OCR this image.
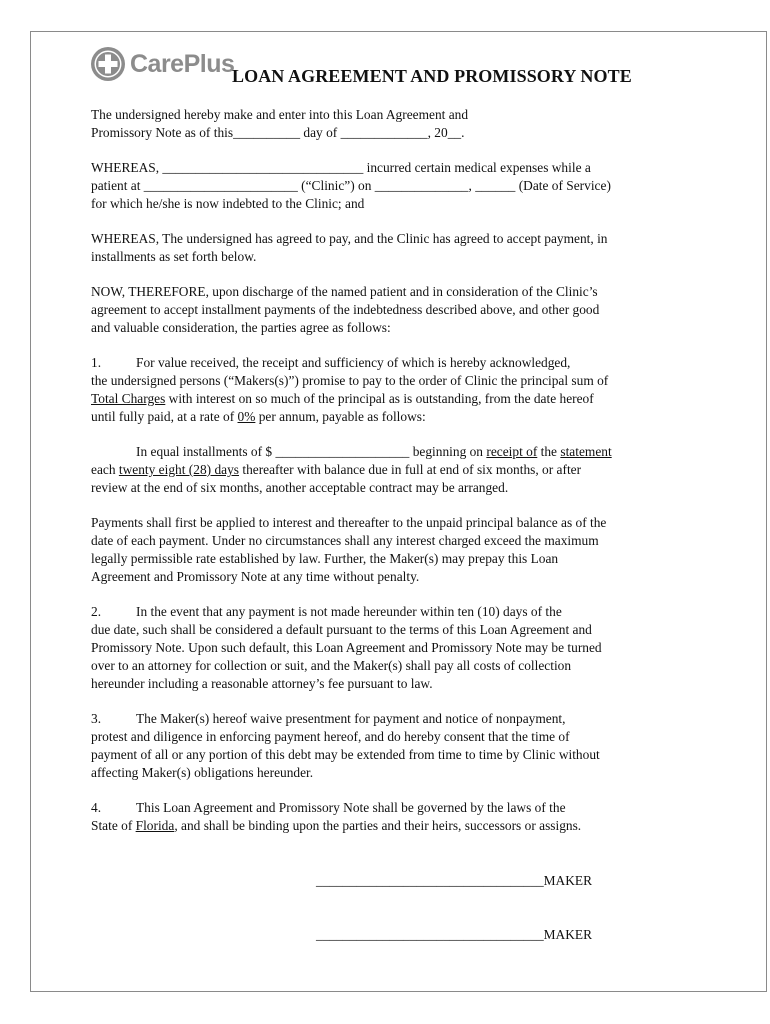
CarePlus
LOAN AGREEMENT AND PROMISSORY NOTE

The undersigned hereby make and enter into this Loan Agreement and
Promissory Note as of this__________ day of _____________, 20__.

WHEREAS, ______________________________ incurred certain medical expenses while a
patient at _______________________ (“Clinic”) on ______________, ______ (Date of Service)
for which he/she is now indebted to the Clinic; and

WHEREAS, The undersigned has agreed to pay, and the Clinic has agreed to accept payment, in
installments as set forth below.

NOW, THEREFORE, upon discharge of the named patient and in consideration of the Clinic’s
agreement to accept installment payments of the indebtedness described above, and other good
and valuable consideration, the parties agree as follows:

1.	For value received, the receipt and sufficiency of which is hereby acknowledged,
the undersigned persons (“Makers(s)”) promise to pay to the order of Clinic the principal sum of
Total Charges with interest on so much of the principal as is outstanding, from the date hereof
until fully paid, at a rate of 0% per annum, payable as follows:

In equal installments of $ ____________________ beginning on receipt of the statement
each twenty eight (28) days thereafter with balance due in full at end of six months, or after
review at the end of six months, another acceptable contract may be arranged.

Payments shall first be applied to interest and thereafter to the unpaid principal balance as of the
date of each payment. Under no circumstances shall any interest charged exceed the maximum
legally permissible rate established by law. Further, the Maker(s) may prepay this Loan
Agreement and Promissory Note at any time without penalty.

2.	In the event that any payment is not made hereunder within ten (10) days of the
due date, such shall be considered a default pursuant to the terms of this Loan Agreement and
Promissory Note. Upon such default, this Loan Agreement and Promissory Note may be turned
over to an attorney for collection or suit, and the Maker(s) shall pay all costs of collection
hereunder including a reasonable attorney’s fee pursuant to law.

3.	The Maker(s) hereof waive presentment for payment and notice of nonpayment,
protest and diligence in enforcing payment hereof, and do hereby consent that the time of
payment of all or any portion of this debt may be extended from time to time by Clinic without
affecting Maker(s) obligations hereunder.

4.	This Loan Agreement and Promissory Note shall be governed by the laws of the
State of Florida, and shall be binding upon the parties and their heirs, successors or assigns.

__________________________________MAKER
__________________________________MAKER
